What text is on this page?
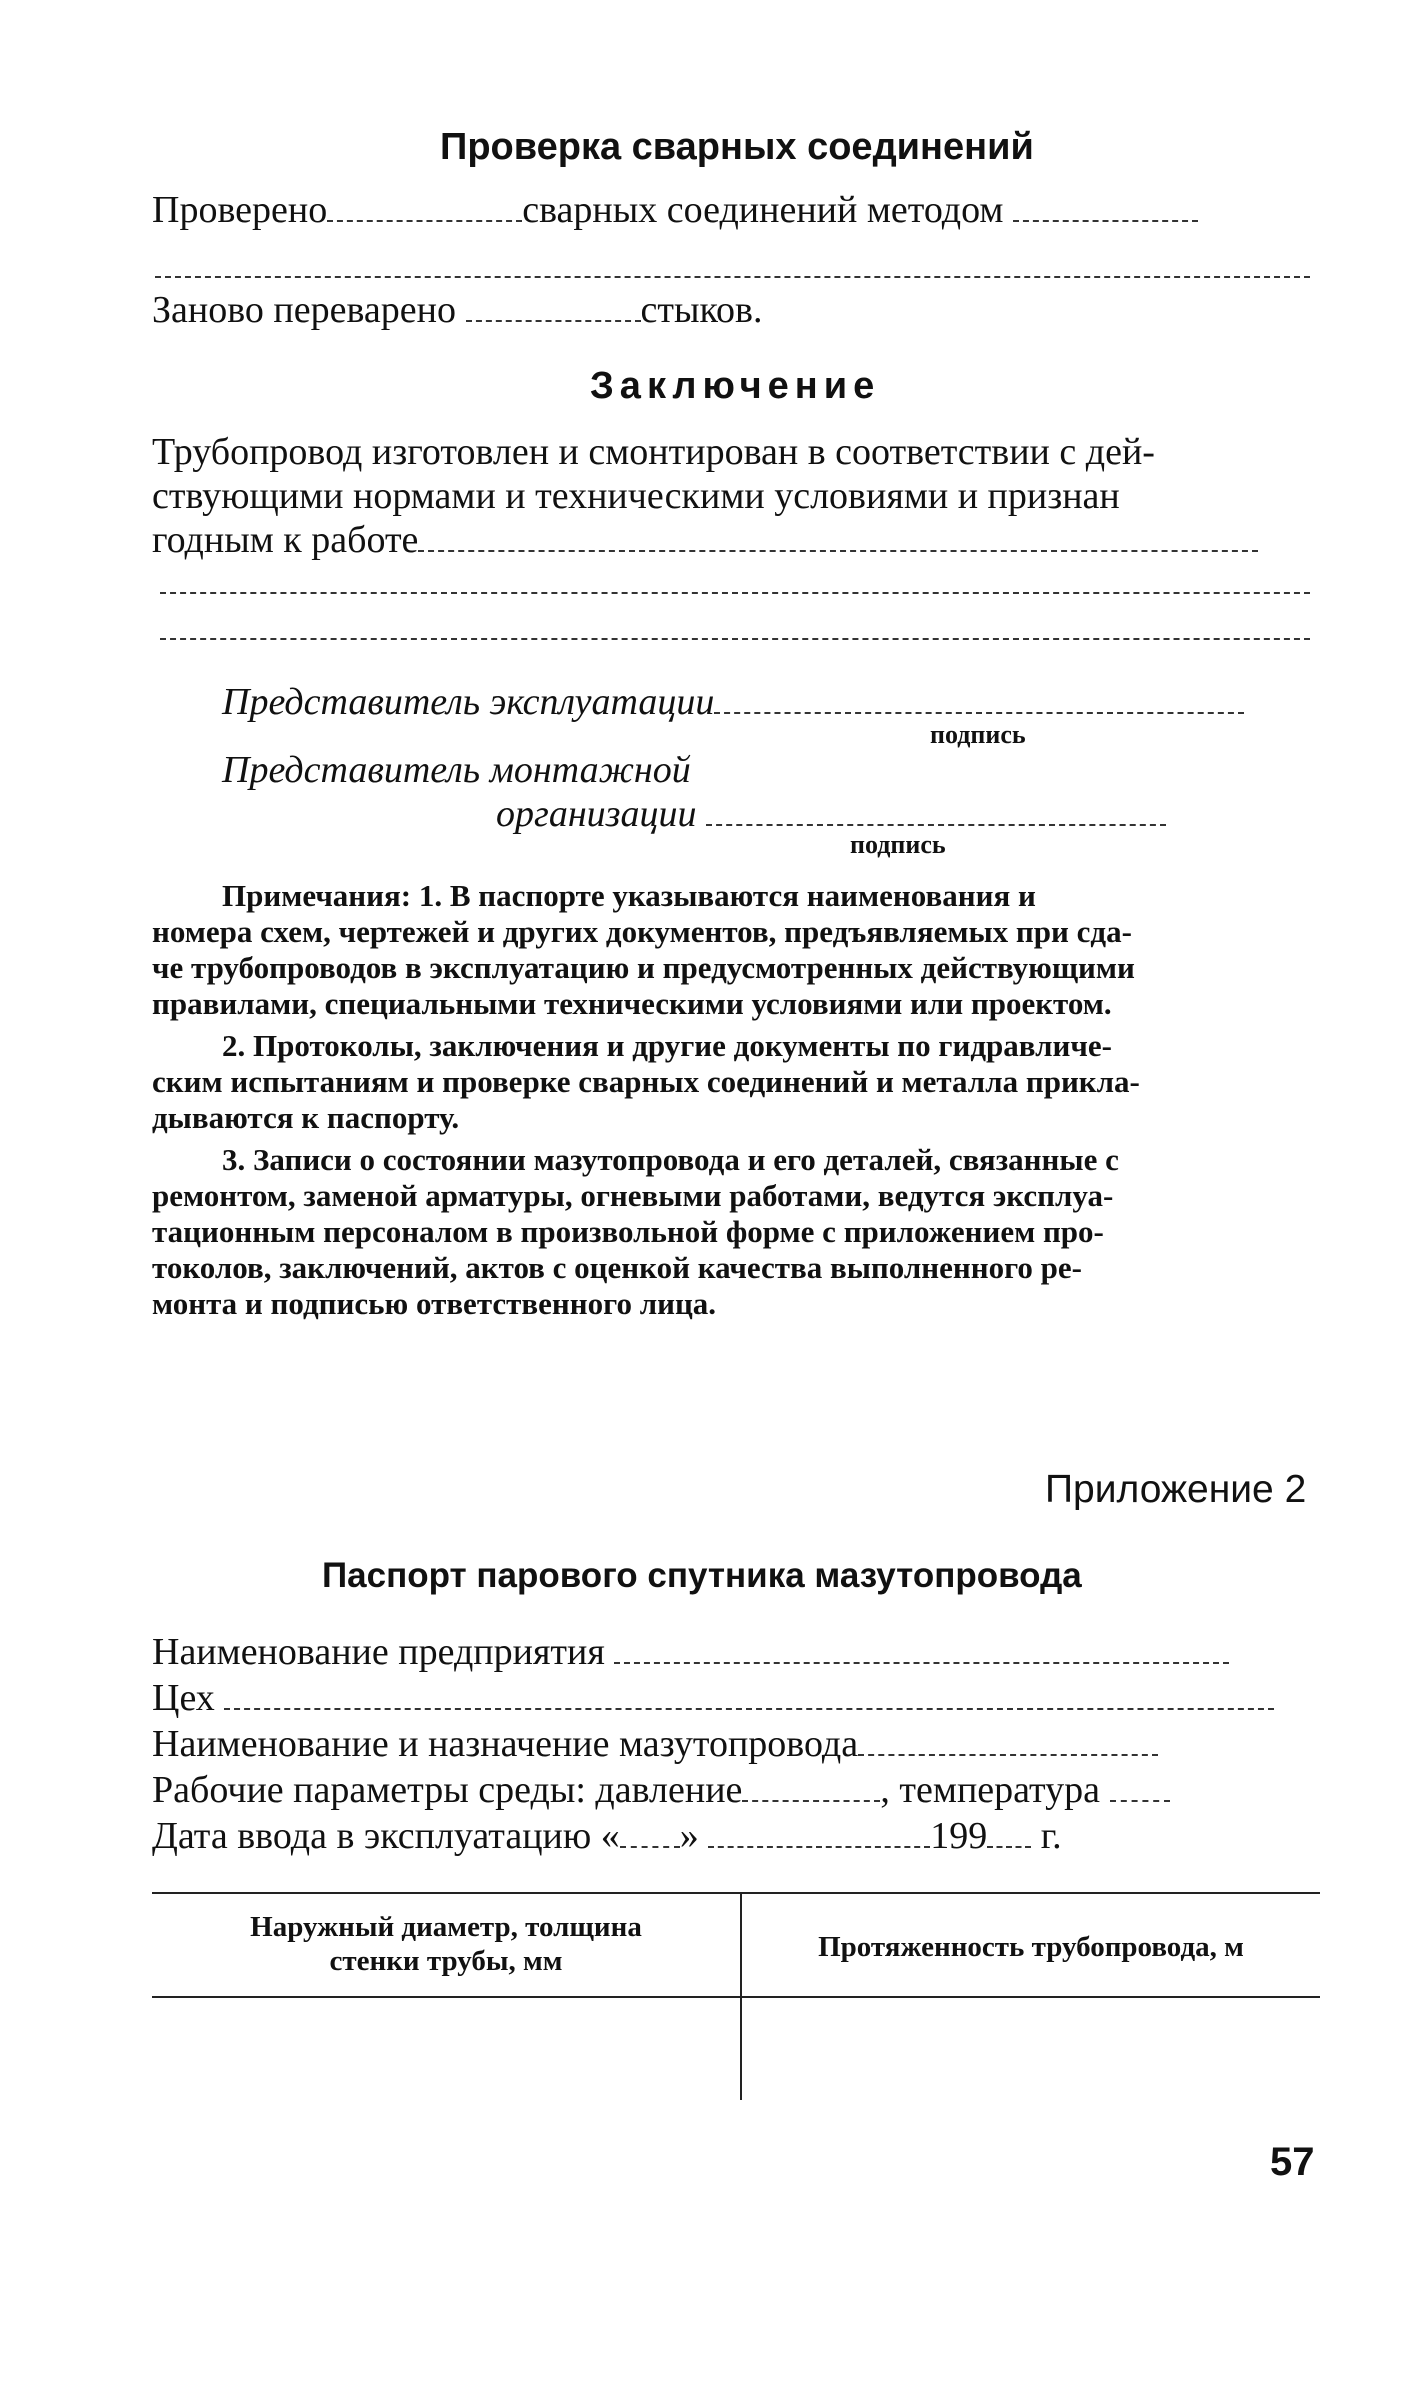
Проверка сварных соединений
Проверено	сварных соединений методом
Заново переварено	стыков.
Заключение
Трубопровод изготовлен и смонтирован в соответствии с дей-
ствующими нормами и техническими условиями и признан
годным к работе
Представитель эксплуатации
подпись
Представитель монтажной
организации
подпись
Примечания: 1. В паспорте указываются наименования и
номера схем, чертежей и других документов, предъявляемых при сда-
че трубопроводов в эксплуатацию и предусмотренных действующими
правилами, специальными техническими условиями или проектом.
2. Протоколы, заключения и другие документы по гидравличе-
ским испытаниям и проверке сварных соединений и металла прикла-
дываются к паспорту.
3. Записи о состоянии мазутопровода и его деталей, связанные с
ремонтом, заменой арматуры, огневыми работами, ведутся эксплуа-
тационным персоналом в произвольной форме с приложением про-
токолов, заключений, актов с оценкой качества выполненного ре-
монта и подписью ответственного лица.
Приложение 2
Паспорт парового спутника мазутопровода
Наименование предприятия
Цех
Наименование и назначение мазутопровода
Рабочие параметры среды: давление	, температура
Дата ввода в эксплуатацию « »	199 г.
Наружный диаметр, толщина
стенки трубы, мм	Протяженность трубопровода, м
57
